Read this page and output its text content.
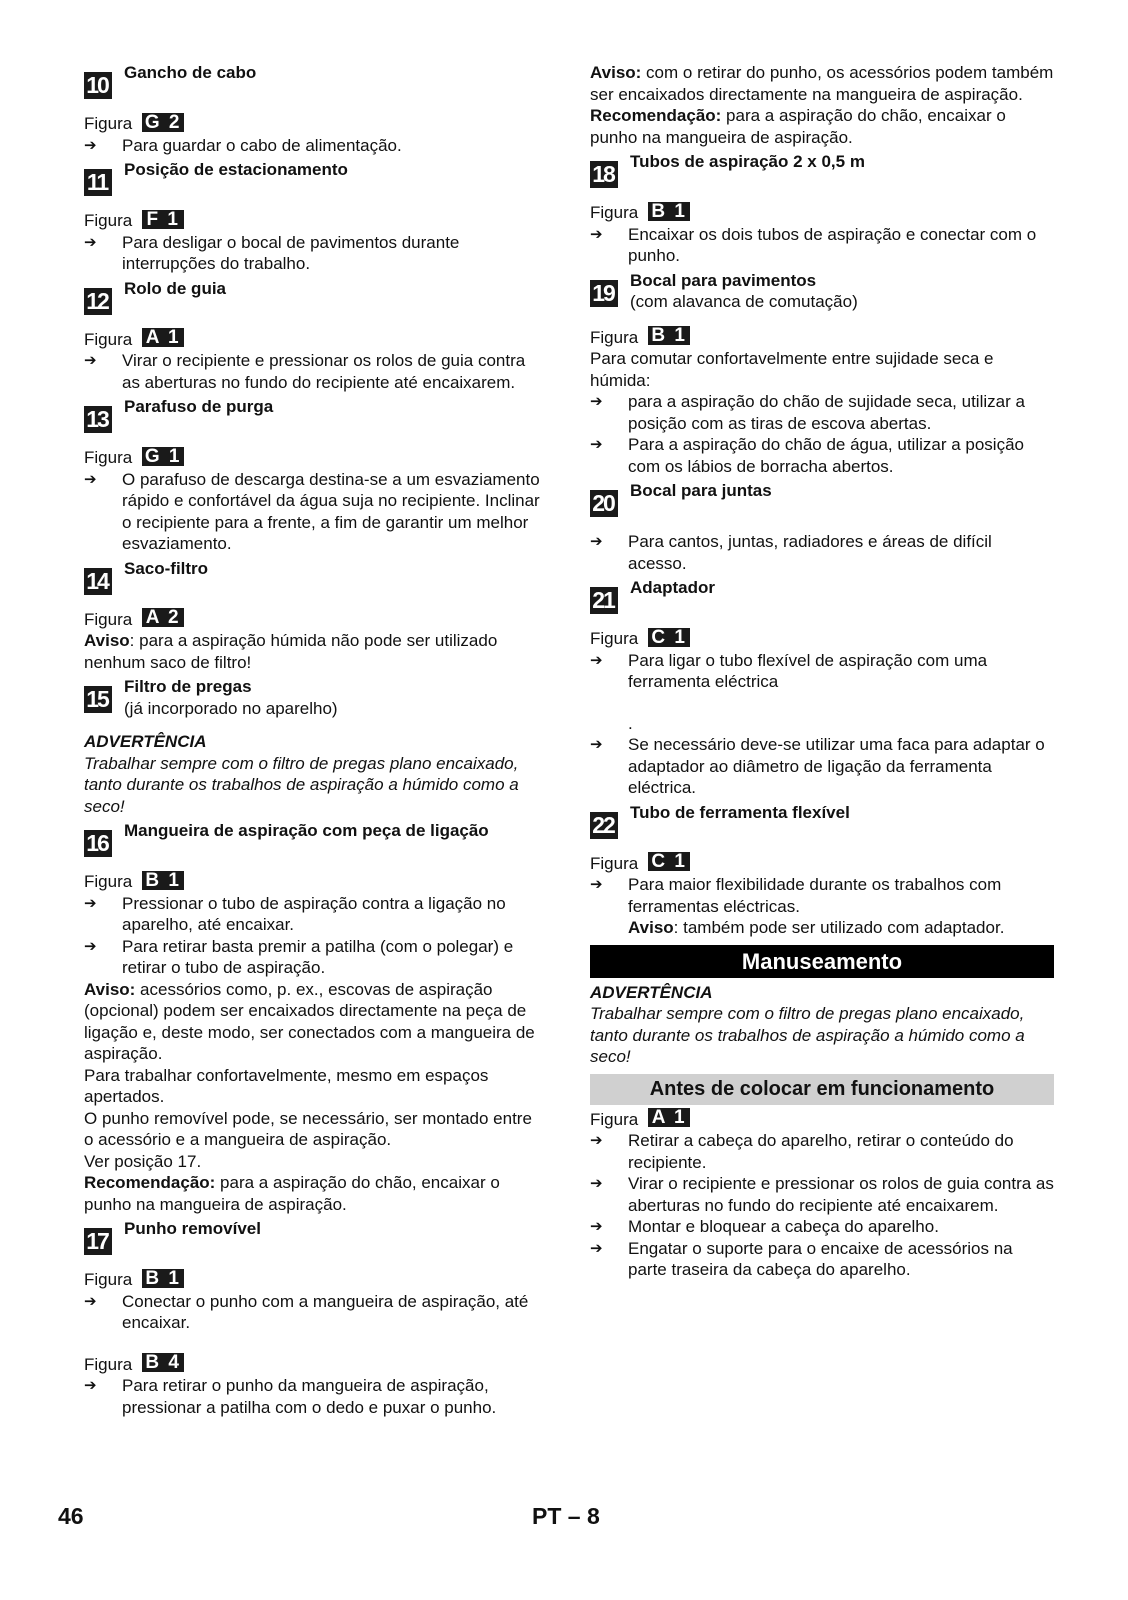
10 Gancho de cabo
Figura G 2
➔	Para guardar o cabo de alimentação.
11 Posição de estacionamento
Figura F 1
➔	Para desligar o bocal de pavimentos durante interrupções do trabalho.
12 Rolo de guia
Figura A 1
➔	Virar o recipiente e pressionar os rolos de guia contra as aberturas no fundo do recipiente até encaixarem.
13 Parafuso de purga
Figura G 1
➔	O parafuso de descarga destina-se a um esvaziamento rápido e confortável da água suja no recipiente. Inclinar o recipiente para a frente, a fim de garantir um melhor esvaziamento.
14 Saco-filtro
Figura A 2

Aviso: para a aspiração húmida não pode ser utilizado nenhum saco de filtro!

15 Filtro de pregas
(já incorporado no aparelho)
ADVERTÊNCIA
Trabalhar sempre com o filtro de pregas plano encaixado, tanto durante os trabalhos de aspiração a húmido como a seco!
16 Mangueira de aspiração com peça de ligação
Figura B 1
➔	Pressionar o tubo de aspiração contra a ligação no aparelho, até encaixar.
➔	Para retirar basta premir a patilha (com o polegar) e retirar o tubo de aspiração.

Aviso: acessórios como, p. ex., escovas de aspiração (opcional) podem ser encaixados directamente na peça de ligação e, deste modo, ser conectados com a mangueira de aspiração.

Para trabalhar confortavelmente, mesmo em espaços apertados.

O punho removível pode, se necessário, ser montado entre o acessório e a mangueira de aspiração.

Ver posição 17.

Recomendação: para a aspiração do chão, encaixar o punho na mangueira de aspiração.

17 Punho removível
Figura B 1
➔	Conectar o punho com a mangueira de aspiração, até encaixar.
Figura B 4
➔	Para retirar o punho da mangueira de aspiração, pressionar a patilha com o dedo e puxar o punho.

Aviso: com o retirar do punho, os acessórios podem também ser encaixados directamente na mangueira de aspiração.

Recomendação: para a aspiração do chão, encaixar o punho na mangueira de aspiração.

18 Tubos de aspiração 2 x 0,5 m
Figura B 1
➔	Encaixar os dois tubos de aspiração e conectar com o punho.
19 Bocal para pavimentos
(com alavanca de comutação)
Figura B 1

Para comutar confortavelmente entre sujidade seca e húmida:

➔	para a aspiração do chão de sujidade seca, utilizar a posição com as tiras de escova abertas.
➔	Para a aspiração do chão de água, utilizar a posição com os lábios de borracha abertos.
20 Bocal para juntas
➔	Para cantos, juntas, radiadores e áreas de difícil acesso.
21 Adaptador
Figura C 1
➔	Para ligar o tubo flexível de aspiração com uma ferramenta eléctrica
.
➔	Se necessário deve-se utilizar uma faca para adaptar o adaptador ao diâmetro de ligação da ferramenta eléctrica.
22 Tubo de ferramenta flexível
Figura C 1
➔	Para maior flexibilidade durante os trabalhos com ferramentas eléctricas.
Aviso: também pode ser utilizado com adaptador.
Manuseamento
ADVERTÊNCIA
Trabalhar sempre com o filtro de pregas plano encaixado, tanto durante os trabalhos de aspiração a húmido como a seco!
Antes de colocar em funcionamento
Figura A 1
➔	Retirar a cabeça do aparelho, retirar o conteúdo do recipiente.
➔	Virar o recipiente e pressionar os rolos de guia contra as aberturas no fundo do recipiente até encaixarem.
➔	Montar e bloquear a cabeça do aparelho.
➔	Engatar o suporte para o encaixe de acessórios na parte traseira da cabeça do aparelho.
46	PT – 8
